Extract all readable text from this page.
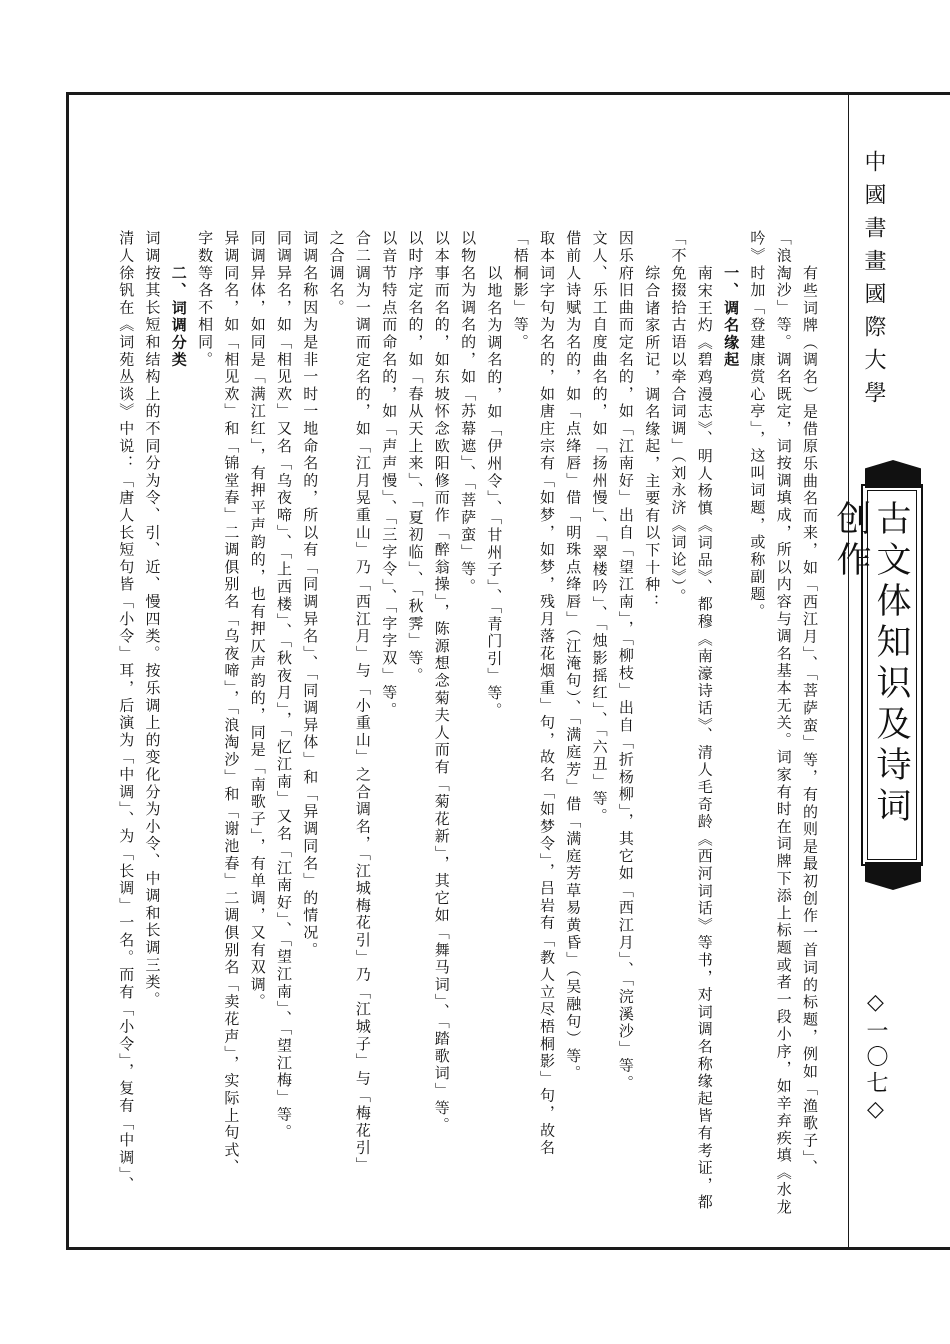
中國書畫國際大學
古文体知识及诗词创作
◇一〇七◇
有些词牌（调名）是借原乐曲名而来，如「西江月」、「菩萨蛮」等，有的则是最初创作一首词的标题，例如「渔歌子」、
「浪淘沙」等。调名既定，词按调填成，所以内容与调名基本无关。词家有时在词牌下添上标题或者一段小序，如辛弃疾填《水龙
吟》时加「登建康赏心亭」，这叫词题，或称副题。
一、调名缘起
南宋王灼《碧鸡漫志》、明人杨慎《词品》、都穆《南濠诗话》、清人毛奇龄《西河词话》等书，对词调名称缘起皆有考证，都
「不免掇拾古语以牵合词调」（刘永济《词论》）。
综合诸家所记，调名缘起，主要有以下十种：
因乐府旧曲而定名的，如「江南好」出自「望江南」，「柳枝」出自「折杨柳」，其它如「西江月」、「浣溪沙」等。
文人、乐工自度曲名的，如「扬州慢」、「翠楼吟」、「烛影摇红」、「六丑」等。
借前人诗赋为名的，如「点绛唇」借「明珠点绛唇」（江淹句）、「满庭芳」借「满庭芳草易黄昏」（吴融句）等。
取本词字句为名的，如唐庄宗有「如梦，如梦，残月落花烟重」句，故名「如梦令」，吕岩有「教人立尽梧桐影」句，故名
「梧桐影」等。
以地名为调名的，如「伊州令」、「甘州子」、「青门引」等。
以物名为调名的，如「苏幕遮」、「菩萨蛮」等。
以本事而名的，如东坡怀念欧阳修而作「醉翁操」，陈源想念菊夫人而有「菊花新」，其它如「舞马词」、「踏歌词」等。
以时序定名的，如「春从天上来」、「夏初临」、「秋霁」等。
以音节特点而命名的，如「声声慢」、「三字令」、「字字双」等。
合二调为一调而定名的，如「江月晃重山」乃「西江月」与「小重山」之合调名，「江城梅花引」乃「江城子」与「梅花引」
之合调名。
词调名称因为是非一时一地命名的，所以有「同调异名」、「同调异体」和「异调同名」的情况。
同调异名，如「相见欢」又名「乌夜啼」、「上西楼」、「秋夜月」，「忆江南」又名「江南好」、「望江南」、「望江梅」等。
同调异体，如同是「满江红」，有押平声韵的，也有押仄声韵的，同是「南歌子」，有单调，又有双调。
异调同名，如「相见欢」和「锦堂春」二调俱别名「乌夜啼」，「浪淘沙」和「谢池春」二调俱别名「卖花声」，实际上句式、
字数等各不相同。
二、词调分类
词调按其长短和结构上的不同分为令、引、近、慢四类。按乐调上的变化分为小令、中调和长调三类。
清人徐钒在《词苑丛谈》中说：「唐人长短句皆「小令」耳，后演为「中调」、为「长调」一名。而有「小令」，复有「中调」、
